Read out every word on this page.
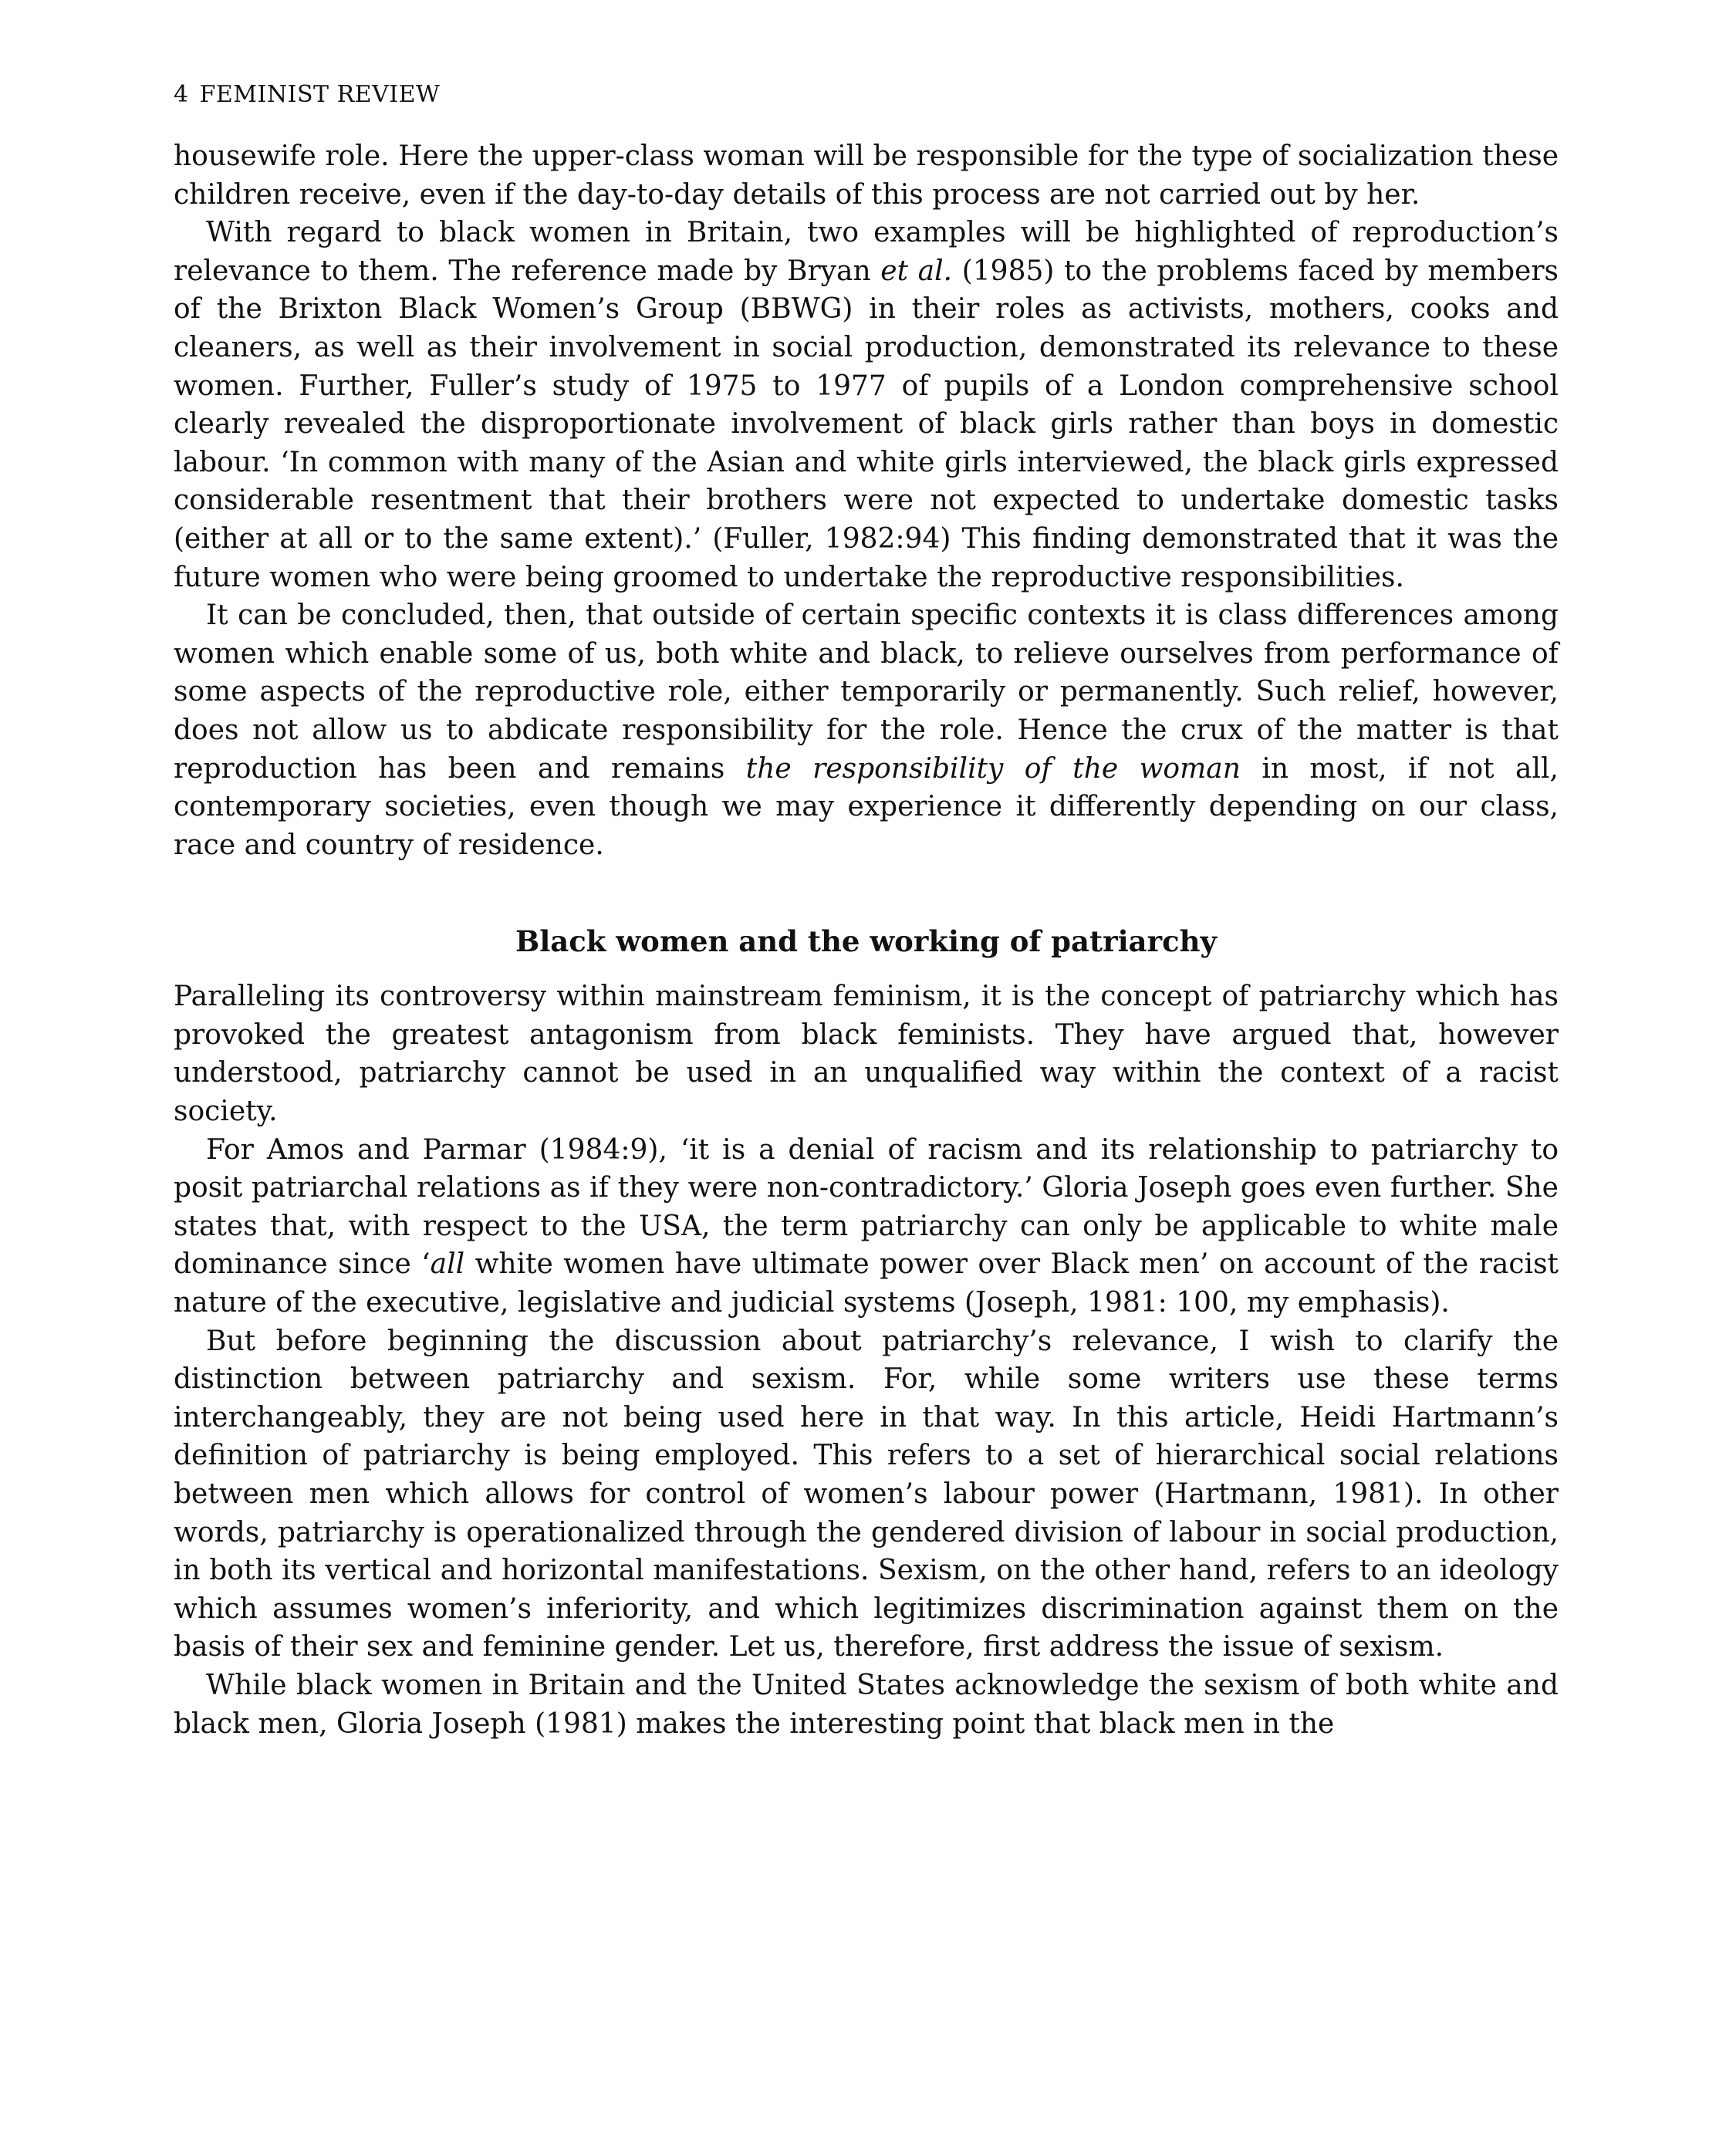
4 FEMINIST REVIEW

housewife role. Here the upper-class woman will be responsible for the type of socialization these children receive, even if the day-to-day details of this process are not carried out by her.

With regard to black women in Britain, two examples will be highlighted of reproduction’s relevance to them. The reference made by Bryan et al. (1985) to the problems faced by members of the Brixton Black Women’s Group (BBWG) in their roles as activists, mothers, cooks and cleaners, as well as their involvement in social production, demonstrated its relevance to these women. Further, Fuller’s study of 1975 to 1977 of pupils of a London comprehensive school clearly revealed the disproportionate involvement of black girls rather than boys in domestic labour. ‘In common with many of the Asian and white girls interviewed, the black girls expressed considerable resentment that their brothers were not expected to undertake domestic tasks (either at all or to the same extent).’ (Fuller, 1982:94) This finding demonstrated that it was the future women who were being groomed to undertake the reproductive responsibilities.

It can be concluded, then, that outside of certain specific contexts it is class differences among women which enable some of us, both white and black, to relieve ourselves from performance of some aspects of the reproductive role, either temporarily or permanently. Such relief, however, does not allow us to abdicate responsibility for the role. Hence the crux of the matter is that reproduction has been and remains the responsibility of the woman in most, if not all, contemporary societies, even though we may experience it differently depending on our class, race and country of residence.

Black women and the working of patriarchy

Paralleling its controversy within mainstream feminism, it is the concept of patriarchy which has provoked the greatest antagonism from black feminists. They have argued that, however understood, patriarchy cannot be used in an unqualified way within the context of a racist society.

For Amos and Parmar (1984:9), ‘it is a denial of racism and its relationship to patriarchy to posit patriarchal relations as if they were non-contradictory.’ Gloria Joseph goes even further. She states that, with respect to the USA, the term patriarchy can only be applicable to white male dominance since ‘all white women have ultimate power over Black men’ on account of the racist nature of the executive, legislative and judicial systems (Joseph, 1981: 100, my emphasis).

But before beginning the discussion about patriarchy’s relevance, I wish to clarify the distinction between patriarchy and sexism. For, while some writers use these terms interchangeably, they are not being used here in that way. In this article, Heidi Hartmann’s definition of patriarchy is being employed. This refers to a set of hierarchical social relations between men which allows for control of women’s labour power (Hartmann, 1981). In other words, patriarchy is operationalized through the gendered division of labour in social production, in both its vertical and horizontal manifestations. Sexism, on the other hand, refers to an ideology which assumes women’s inferiority, and which legitimizes discrimination against them on the basis of their sex and feminine gender. Let us, therefore, first address the issue of sexism.

While black women in Britain and the United States acknowledge the sexism of both white and black men, Gloria Joseph (1981) makes the interesting point that black men in the
